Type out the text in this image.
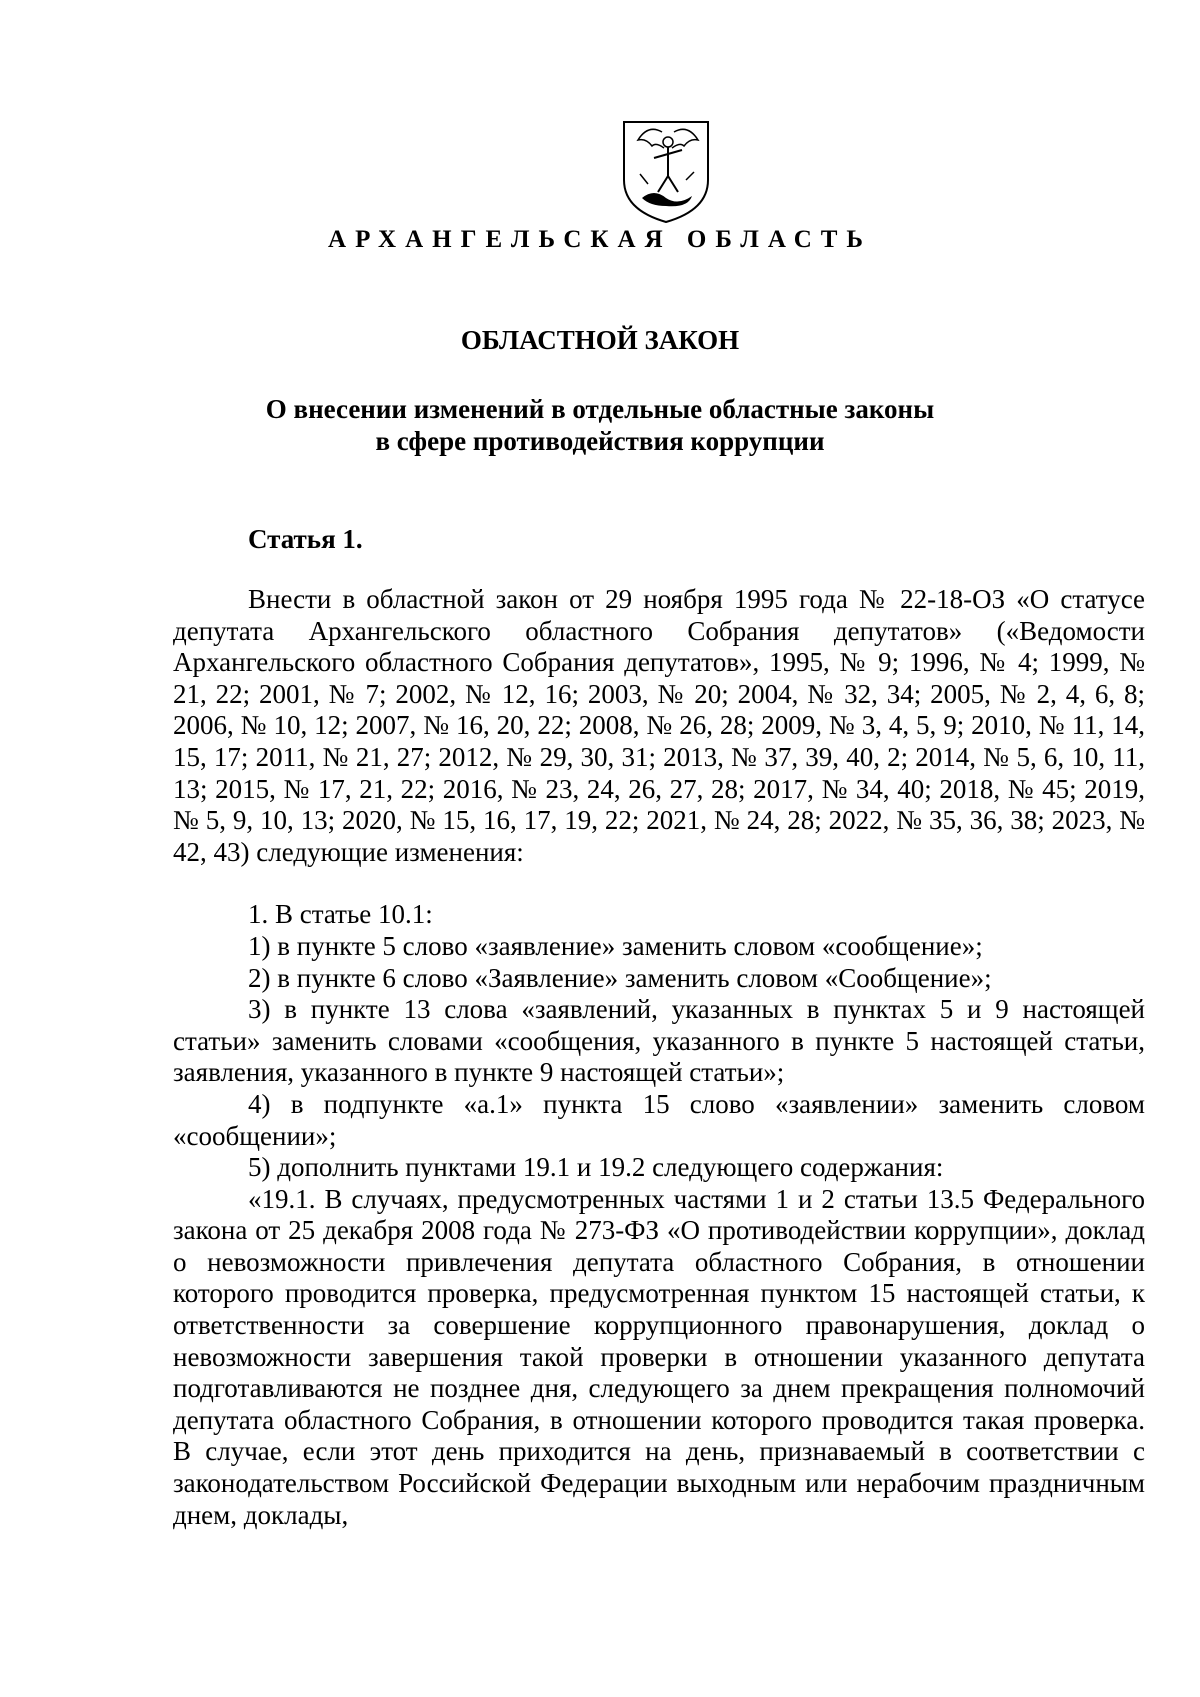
АРХАНГЕЛЬСКАЯ ОБЛАСТЬ
ОБЛАСТНОЙ ЗАКОН
О внесении изменений в отдельные областные законы
в сфере противодействия коррупции
Статья 1.

Внести в областной закон от 29 ноября 1995 года № 22-18-ОЗ «О статусе депутата Архангельского областного Собрания депутатов» («Ведомости Архангельского областного Собрания депутатов», 1995, № 9; 1996, № 4; 1999, № 21, 22; 2001, № 7; 2002, № 12, 16; 2003, № 20; 2004, № 32, 34; 2005, № 2, 4, 6, 8; 2006, № 10, 12; 2007, № 16, 20, 22; 2008, № 26, 28; 2009, № 3, 4, 5, 9; 2010, № 11, 14, 15, 17; 2011, № 21, 27; 2012, № 29, 30, 31; 2013, № 37, 39, 40, 2; 2014, № 5, 6, 10, 11, 13; 2015, № 17, 21, 22; 2016, № 23, 24, 26, 27, 28; 2017, № 34, 40; 2018, № 45; 2019, № 5, 9, 10, 13; 2020, № 15, 16, 17, 19, 22; 2021, № 24, 28; 2022, № 35, 36, 38; 2023, № 42, 43) следующие изменения:

1. В статье 10.1:

1) в пункте 5 слово «заявление» заменить словом «сообщение»;

2) в пункте 6 слово «Заявление» заменить словом «Сообщение»;

3) в пункте 13 слова «заявлений, указанных в пунктах 5 и 9 настоящей статьи» заменить словами «сообщения, указанного в пункте 5 настоящей статьи, заявления, указанного в пункте 9 настоящей статьи»;

4) в подпункте «а.1» пункта 15 слово «заявлении» заменить словом «сообщении»;

5) дополнить пунктами 19.1 и 19.2 следующего содержания:

«19.1. В случаях, предусмотренных частями 1 и 2 статьи 13.5 Федерального закона от 25 декабря 2008 года № 273-ФЗ «О противодействии коррупции», доклад о невозможности привлечения депутата областного Собрания, в отношении которого проводится проверка, предусмотренная пунктом 15 настоящей статьи, к ответственности за совершение коррупционного правонарушения, доклад о невозможности завершения такой проверки в отношении указанного депутата подготавливаются не позднее дня, следующего за днем прекращения полномочий депутата областного Собрания, в отношении которого проводится такая проверка. В случае, если этот день приходится на день, признаваемый в соответствии с законодательством Российской Федерации выходным или нерабочим праздничным днем, доклады,
